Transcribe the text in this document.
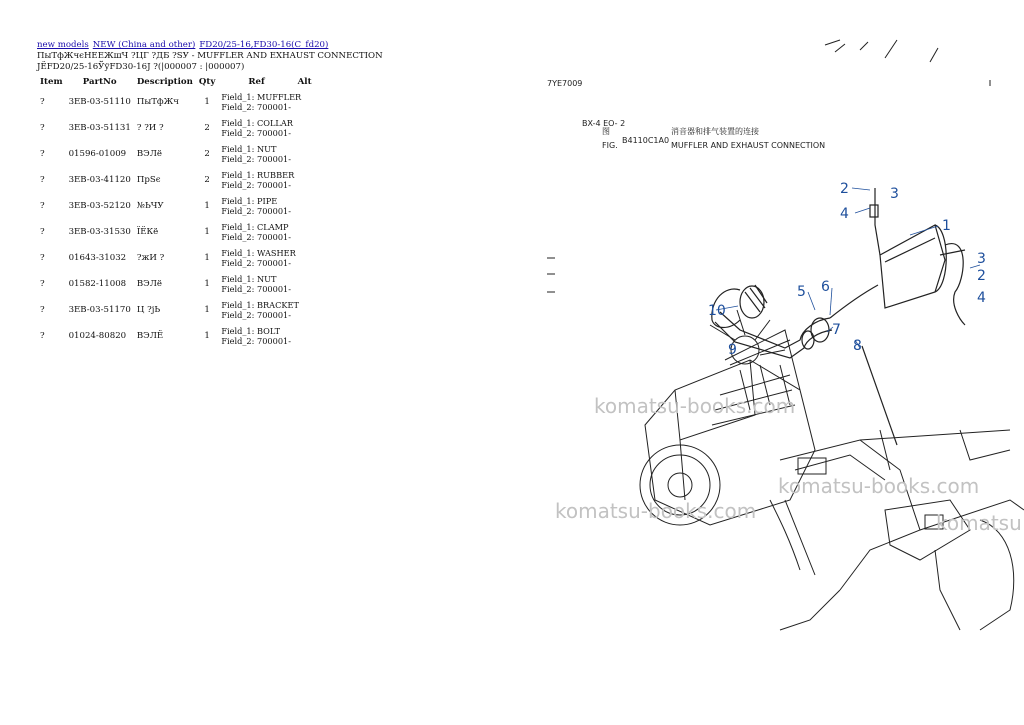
new models NEW (China and other) FD20/25-16,FD30-16(C_fd20)
ПыТфЖчєНЕЕЖшЧ ?ЦГ ?ДБ ?SУ - MUFFLER AND EXHAUST CONNECTION
JЁFD20/25-16ЎўFD30-16Ј ?(|000007 : |000007)
Item	PartNo	Description	Qty	Ref	Alt
?	3EB-03-51110	ПыТфЖч	1	Field_1: MUFFLER
Field_2: 700001-	

?	3EB-03-51131	? ?И ?	2	Field_1: COLLAR
Field_2: 700001-	

?	01596-01009	ВЭЛё	2	Field_1: NUT
Field_2: 700001-	

?	3EB-03-41120	ПрЅє	2	Field_1: RUBBER
Field_2: 700001-	

?	3EB-03-52120	№ЬЧУ	1	Field_1: PIPE
Field_2: 700001-	

?	3EB-03-31530	ЇЁКё	1	Field_1: CLAMP
Field_2: 700001-	

?	01643-31032	?жИ ?	1	Field_1: WASHER
Field_2: 700001-	

?	01582-11008	ВЭЛё	1	Field_1: NUT
Field_2: 700001-	

?	3EB-03-51170	Ц ?јЬ	1	Field_1: BRACKET
Field_2: 700001-	

?	01024-80820	ВЭЛЁ	1	Field_1: BOLT
Field_2: 700001-	
7YE7009
BX-4 EO- 2
图
FIG.
B4110C1A0
消音器和排气装置的连接
MUFFLER AND EXHAUST CONNECTION
1
2	3
4
3
2
4
5 6
7
8
9
10
komatsu-books.com
komatsu-books.com
komatsu-books.com	komatsu
